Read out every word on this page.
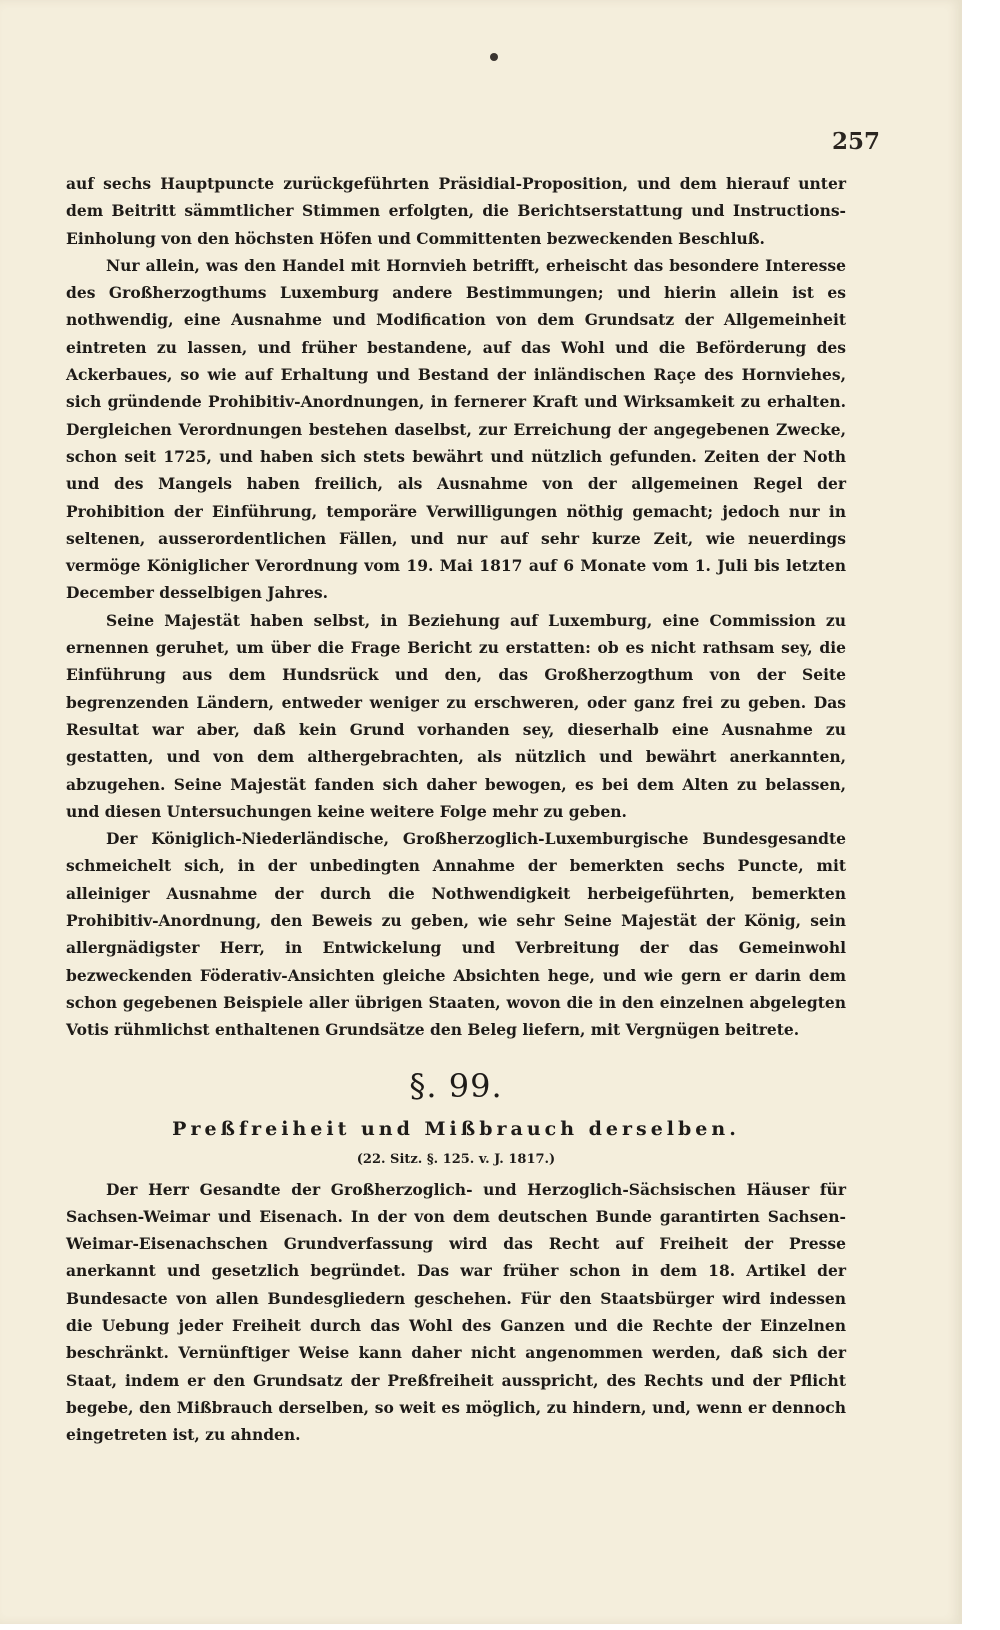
257

auf sechs Hauptpuncte zurückgeführten Präsidial-Proposition, und dem hierauf unter dem Beitritt sämmtlicher Stimmen erfolgten, die Berichtserstattung und Instructions-Einholung von den höchsten Höfen und Committenten bezweckenden Beschluß.

Nur allein, was den Handel mit Hornvieh betrifft, erheischt das besondere Interesse des Großherzogthums Luxemburg andere Bestimmungen; und hierin allein ist es nothwendig, eine Ausnahme und Modification von dem Grundsatz der Allgemeinheit eintreten zu lassen, und früher bestandene, auf das Wohl und die Beförderung des Ackerbaues, so wie auf Erhaltung und Bestand der inländischen Raçe des Hornviehes, sich gründende Prohibitiv-Anordnungen, in fernerer Kraft und Wirksamkeit zu erhalten. Dergleichen Verordnungen bestehen daselbst, zur Erreichung der angegebenen Zwecke, schon seit 1725, und haben sich stets bewährt und nützlich gefunden. Zeiten der Noth und des Mangels haben freilich, als Ausnahme von der allgemeinen Regel der Prohibition der Einführung, temporäre Verwilligungen nöthig gemacht; jedoch nur in seltenen, ausserordentlichen Fällen, und nur auf sehr kurze Zeit, wie neuerdings vermöge Königlicher Verordnung vom 19. Mai 1817 auf 6 Monate vom 1. Juli bis letzten December desselbigen Jahres.

Seine Majestät haben selbst, in Beziehung auf Luxemburg, eine Commission zu ernennen geruhet, um über die Frage Bericht zu erstatten: ob es nicht rathsam sey, die Einführung aus dem Hundsrück und den, das Großherzogthum von der Seite begrenzenden Ländern, entweder weniger zu erschweren, oder ganz frei zu geben. Das Resultat war aber, daß kein Grund vorhanden sey, dieserhalb eine Ausnahme zu gestatten, und von dem althergebrachten, als nützlich und bewährt anerkannten, abzugehen. Seine Majestät fanden sich daher bewogen, es bei dem Alten zu belassen, und diesen Untersuchungen keine weitere Folge mehr zu geben.

Der Königlich-Niederländische, Großherzoglich-Luxemburgische Bundesgesandte schmeichelt sich, in der unbedingten Annahme der bemerkten sechs Puncte, mit alleiniger Ausnahme der durch die Nothwendigkeit herbeigeführten, bemerkten Prohibitiv-Anordnung, den Beweis zu geben, wie sehr Seine Majestät der König, sein allergnädigster Herr, in Entwickelung und Verbreitung der das Gemeinwohl bezweckenden Föderativ-Ansichten gleiche Absichten hege, und wie gern er darin dem schon gegebenen Beispiele aller übrigen Staaten, wovon die in den einzelnen abgelegten Votis rühmlichst enthaltenen Grundsätze den Beleg liefern, mit Vergnügen beitrete.

§. 99.
Preßfreiheit und Mißbrauch derselben.
(22. Sitz. §. 125. v. J. 1817.)

Der Herr Gesandte der Großherzoglich- und Herzoglich-Sächsischen Häuser für Sachsen-Weimar und Eisenach. In der von dem deutschen Bunde garantirten Sachsen-Weimar-Eisenachschen Grundverfassung wird das Recht auf Freiheit der Presse anerkannt und gesetzlich begründet. Das war früher schon in dem 18. Artikel der Bundesacte von allen Bundesgliedern geschehen. Für den Staatsbürger wird indessen die Uebung jeder Freiheit durch das Wohl des Ganzen und die Rechte der Einzelnen beschränkt. Vernünftiger Weise kann daher nicht angenommen werden, daß sich der Staat, indem er den Grundsatz der Preßfreiheit ausspricht, des Rechts und der Pflicht begebe, den Mißbrauch derselben, so weit es möglich, zu hindern, und, wenn er dennoch eingetreten ist, zu ahnden.
